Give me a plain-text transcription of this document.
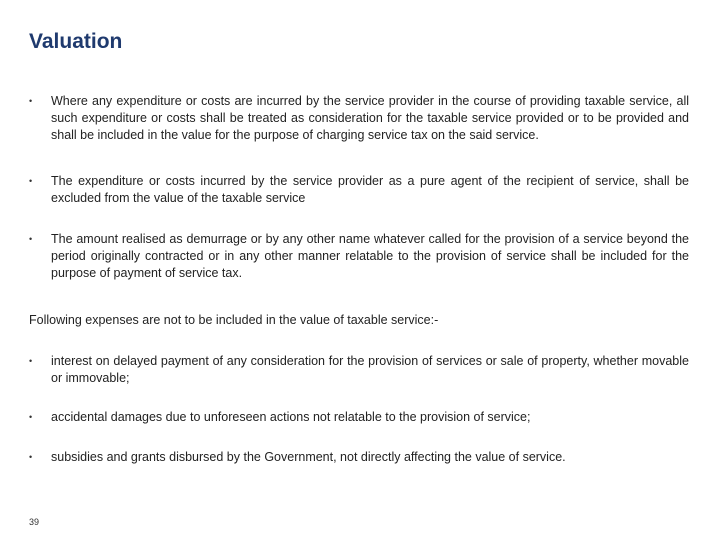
Valuation
•	Where any expenditure or costs are incurred by the service provider in the course of providing taxable service, all such expenditure or costs shall be treated as consideration for the taxable service provided or to be provided and shall be included in the value for the purpose of charging service tax on the said service.
•	The expenditure or costs incurred by the service provider as a pure agent of the recipient of service, shall be excluded from the value of the taxable service
•	The amount realised as demurrage or by any other name whatever called for the provision of a service beyond the period originally contracted or in any other manner relatable to the provision of service shall be included for the purpose of payment of service tax.

Following expenses are not to be included in the value of taxable service:-

•	interest on delayed payment of any consideration for the provision of services or sale of property, whether movable or immovable;
•	accidental damages due to unforeseen actions not relatable to the provision of service;
•	subsidies and grants disbursed by the Government, not directly affecting the value of service.
39
